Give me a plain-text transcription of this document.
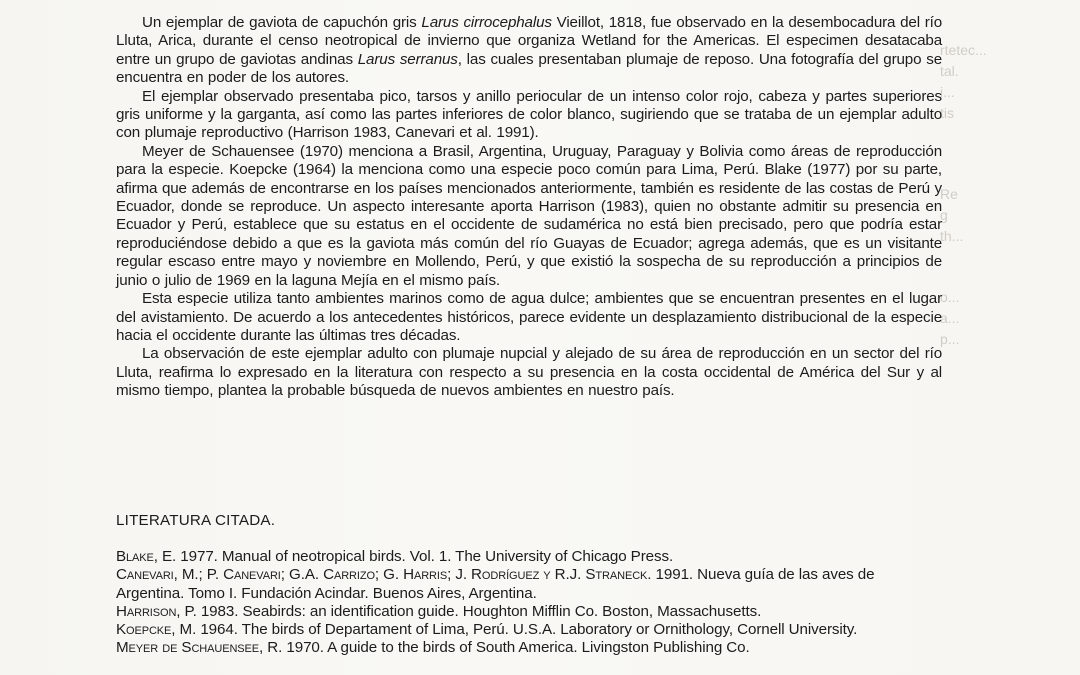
rtetec...
tal.
i...
tis
Re
g
th...
o...
a...
p...

Un ejemplar de gaviota de capuchón gris Larus cirrocephalus Vieillot, 1818, fue observado en la desembocadura del río Lluta, Arica, durante el censo neotropical de invierno que organiza Wetland for the Americas. El especimen desatacaba entre un grupo de gaviotas andinas Larus serranus, las cuales presentaban plumaje de reposo. Una fotografía del grupo se encuentra en poder de los autores.

El ejemplar observado presentaba pico, tarsos y anillo periocular de un intenso color rojo, cabeza y partes superiores gris uniforme y la garganta, así como las partes inferiores de color blanco, sugiriendo que se trataba de un ejemplar adulto con plumaje reproductivo (Harrison 1983, Canevari et al. 1991).

Meyer de Schauensee (1970) menciona a Brasil, Argentina, Uruguay, Paraguay y Bolivia como áreas de reproducción para la especie. Koepcke (1964) la menciona como una especie poco común para Lima, Perú. Blake (1977) por su parte, afirma que además de encontrarse en los países mencionados anteriormente, también es residente de las costas de Perú y Ecuador, donde se reproduce. Un aspecto interesante aporta Harrison (1983), quien no obstante admitir su presencia en Ecuador y Perú, establece que su estatus en el occidente de sudamérica no está bien precisado, pero que podría estar reproduciéndose debido a que es la gaviota más común del río Guayas de Ecuador; agrega además, que es un visitante regular escaso entre mayo y noviembre en Mollendo, Perú, y que existió la sospecha de su reproducción a principios de junio o julio de 1969 en la laguna Mejía en el mismo país.

Esta especie utiliza tanto ambientes marinos como de agua dulce; ambientes que se encuentran presentes en el lugar del avistamiento. De acuerdo a los antecedentes históricos, parece evidente un desplazamiento distribucional de la especie hacia el occidente durante las últimas tres décadas.

La observación de este ejemplar adulto con plumaje nupcial y alejado de su área de reproducción en un sector del río Lluta, reafirma lo expresado en la literatura con respecto a su presencia en la costa occidental de América del Sur y al mismo tiempo, plantea la probable búsqueda de nuevos ambientes en nuestro país.

LITERATURA CITADA.

Blake, E. 1977. Manual of neotropical birds. Vol. 1. The University of Chicago Press.

Canevari, M.; P. Canevari; G.A. Carrizo; G. Harris; J. Rodríguez y R.J. Straneck. 1991. Nueva guía de las aves de Argentina. Tomo I. Fundación Acindar. Buenos Aires, Argentina.

Harrison, P. 1983. Seabirds: an identification guide. Houghton Mifflin Co. Boston, Massachusetts.

Koepcke, M. 1964. The birds of Departament of Lima, Perú. U.S.A. Laboratory or Ornithology, Cornell University.

Meyer de Schauensee, R. 1970. A guide to the birds of South America. Livingston Publishing Co.
